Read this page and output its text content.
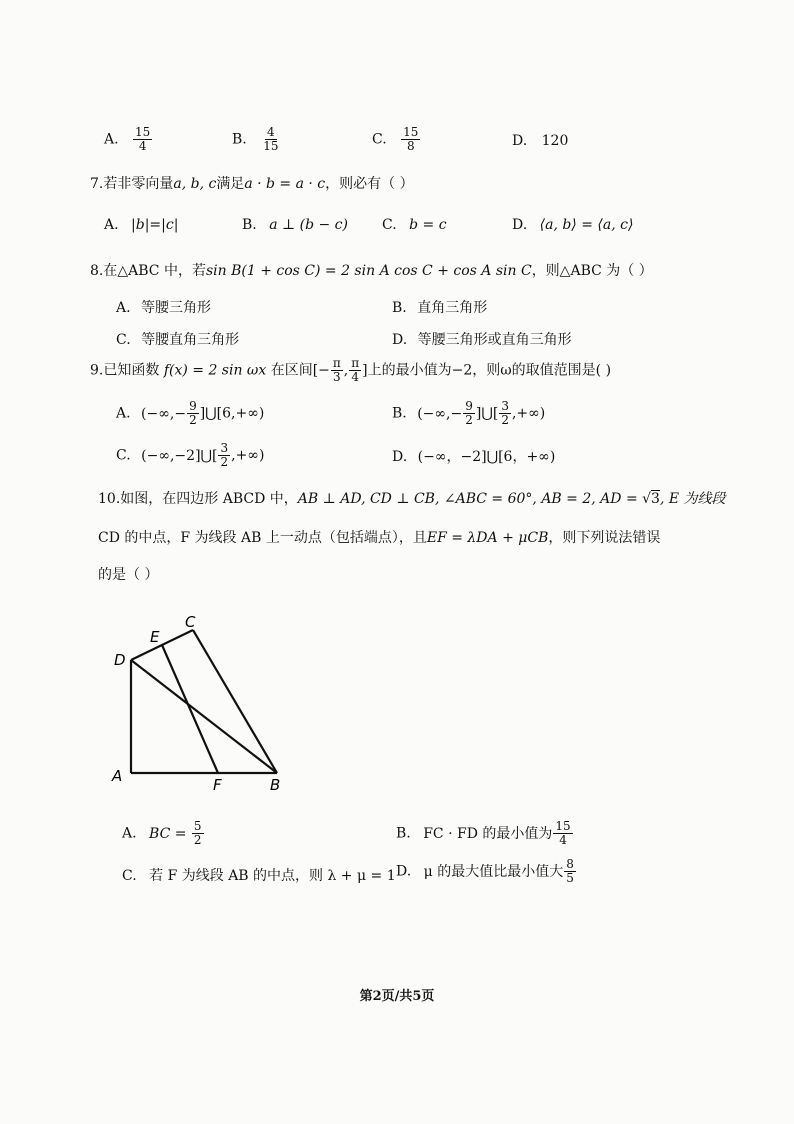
A. $\frac{15}{4}$	B. $\frac{4}{15}$	C. $\frac{15}{8}$	D. 120
7.若非零向量a, b, c满足a · b = a · c，则必有（ ）
A. |b|=|c|	B. a ⊥ (b − c) C. b = c	D. ⟨a, b⟩ = ⟨a, c⟩
8.在△ABC 中，若sin B(1 + cos C) = 2 sin A cos C + cos A sin C，则△ABC 为（ ）
A. 等腰三角形	B. 直角三角形
C. 等腰直角三角形	D. 等腰三角形或直角三角形
9.已知函数 f(x) = 2 sin ωx 在区间[− $\frac{\pi}{3}$ , $\frac{\pi}{4}$ ]上的最小值为−2，则ω的取值范围是( )
A. (−∞,− $\frac{9}{2}$ ]⋃[6,+∞)	B. (−∞,− $\frac{9}{2}$ ]⋃[ $\frac{3}{2}$ ,+∞)
C. (−∞,−2]⋃[ $\frac{3}{2}$ ,+∞)	D. (−∞，−2]⋃[6，+∞)
10.如图，在四边形 ABCD 中，AB ⊥ AD, CD ⊥ CB, ∠ABC = 60°, AB = 2, AD = √3, E 为线段
CD 的中点，F 为线段 AB 上一动点（包括端点），且EF = λDA + μCB，则下列说法错误
的是（ ）
D
E
C
A	F	B
A. BC = $\frac{5}{2}$	B. FC · FD 的最小值为 $\frac{15}{4}$
C. 若 F 为线段 AB 的中点，则 λ + μ = 1 D. μ 的最大值比最小值大 $\frac{8}{5}$
第2页/共5页
